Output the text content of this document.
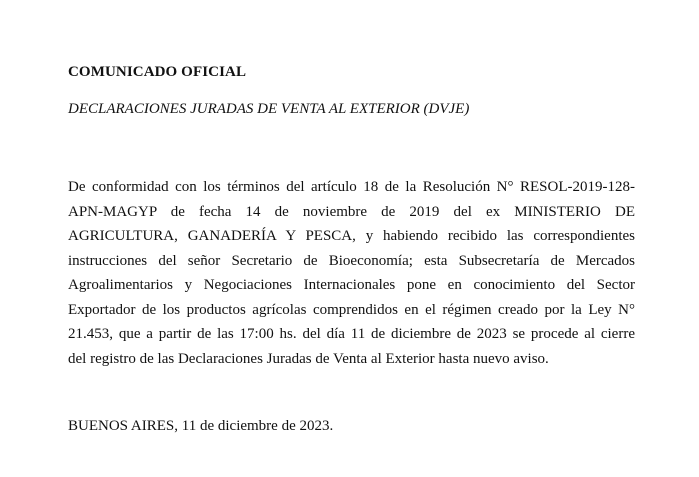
COMUNICADO OFICIAL
DECLARACIONES JURADAS DE VENTA AL EXTERIOR (DVJE)
De conformidad con los términos del artículo 18 de la Resolución N° RESOL-2019-128-
APN-MAGYP de fecha 14 de noviembre de 2019 del ex MINISTERIO DE
AGRICULTURA, GANADERÍA Y PESCA, y habiendo recibido las correspondientes
instrucciones del señor Secretario de Bioeconomía; esta Subsecretaría de Mercados
Agroalimentarios y Negociaciones Internacionales pone en conocimiento del Sector
Exportador de los productos agrícolas comprendidos en el régimen creado por la Ley N°
21.453, que a partir de las 17:00 hs. del día 11 de diciembre de 2023 se procede al cierre
del registro de las Declaraciones Juradas de Venta al Exterior hasta nuevo aviso.
BUENOS AIRES, 11 de diciembre de 2023.
